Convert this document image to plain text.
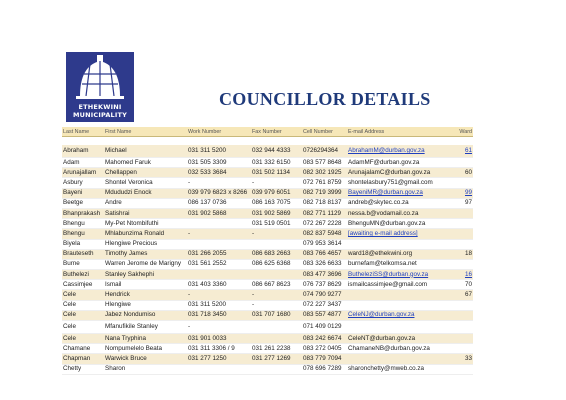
ETHEKWINI
MUNICIPALITY
COUNCILLOR DETAILS
Last Name	First Name	Work Number	Fax Number	Cell Number	E-mail Address	Ward

Abraham	Michael	031 311 5200	032 944 4333	0726294364	AbrahamM@durban.gov.za	61
Adam	Mahomed Faruk	031 505 3309	031 332 6150	083 577 8648	AdamMF@durban.gov.za	
Arunajallam	Chellappen	032 533 3684	031 502 1134	082 302 1925	ArunajalamC@durban.gov.za	60
Asbury	Shontel Veronica	-	-	072 761 8759	shontelasbury751@gmail.com	
Bayeni	Mdududzi Enock	039 979 6823 x 8266	039 979 6051	082 719 3999	BayeniMR@durban.gov.za	99
Beetge	Andre	086 137 0736	086 163 7075	082 718 8137	andreb@skytec.co.za	97
Bhanprakash	Satishrai	031 902 5868	031 902 5869	082 771 1129	nessa.b@vodamail.co.za	
Bhengu	My-Pet Ntombifuthi		031 519 0501	072 267 2228	BhenguMN@durban.gov.za	
Bhengu	Mhlabunzima Ronald	-	-	082 837 5948	[awaiting e-mail address]	
Biyela	Hlengiwe Precious			079 953 3614		
Brauteseth	Timothy James	031 266 2055	086 683 2663	083 766 4657	ward18@ethekwini.org	18
Burne	Warren Jerome de Marigny	031 561 2552	086 625 6368	083 326 6633	burnefam@telkomsa.net	
Buthelezi	Stanley Sakhephi			083 477 3696	ButheleziSS@durban.gov.za	16
Cassimjee	Ismail	031 403 3360	086 667 8623	076 737 8629	ismailcassimjee@gmail.com	70
Cele	Hendrick	-	-	074 790 9277		67
Cele	Hlengiwe	031 311 5200	-	072 227 3437		
Cele	Jabez Nondumiso	031 718 3450	031 707 1680	083 557 4877	CeleNJ@durban.gov.za	
Cele	Mfanufikile Stanley	-		071 409 0129		
Cele	Nana Tryphina	031 901 0033		083 242 6674	CeleNT@durban.gov.za	
Chamane	Nompumelelo Beata	031 311 3306 / 9	031 261 2238	083 272 0405	ChamaneNB@durban.gov.za	
Chapman	Warwick Bruce	031 277 1250	031 277 1269	083 779 7094		33
Chetty	Sharon			078 696 7289	sharonchetty@mweb.co.za	
